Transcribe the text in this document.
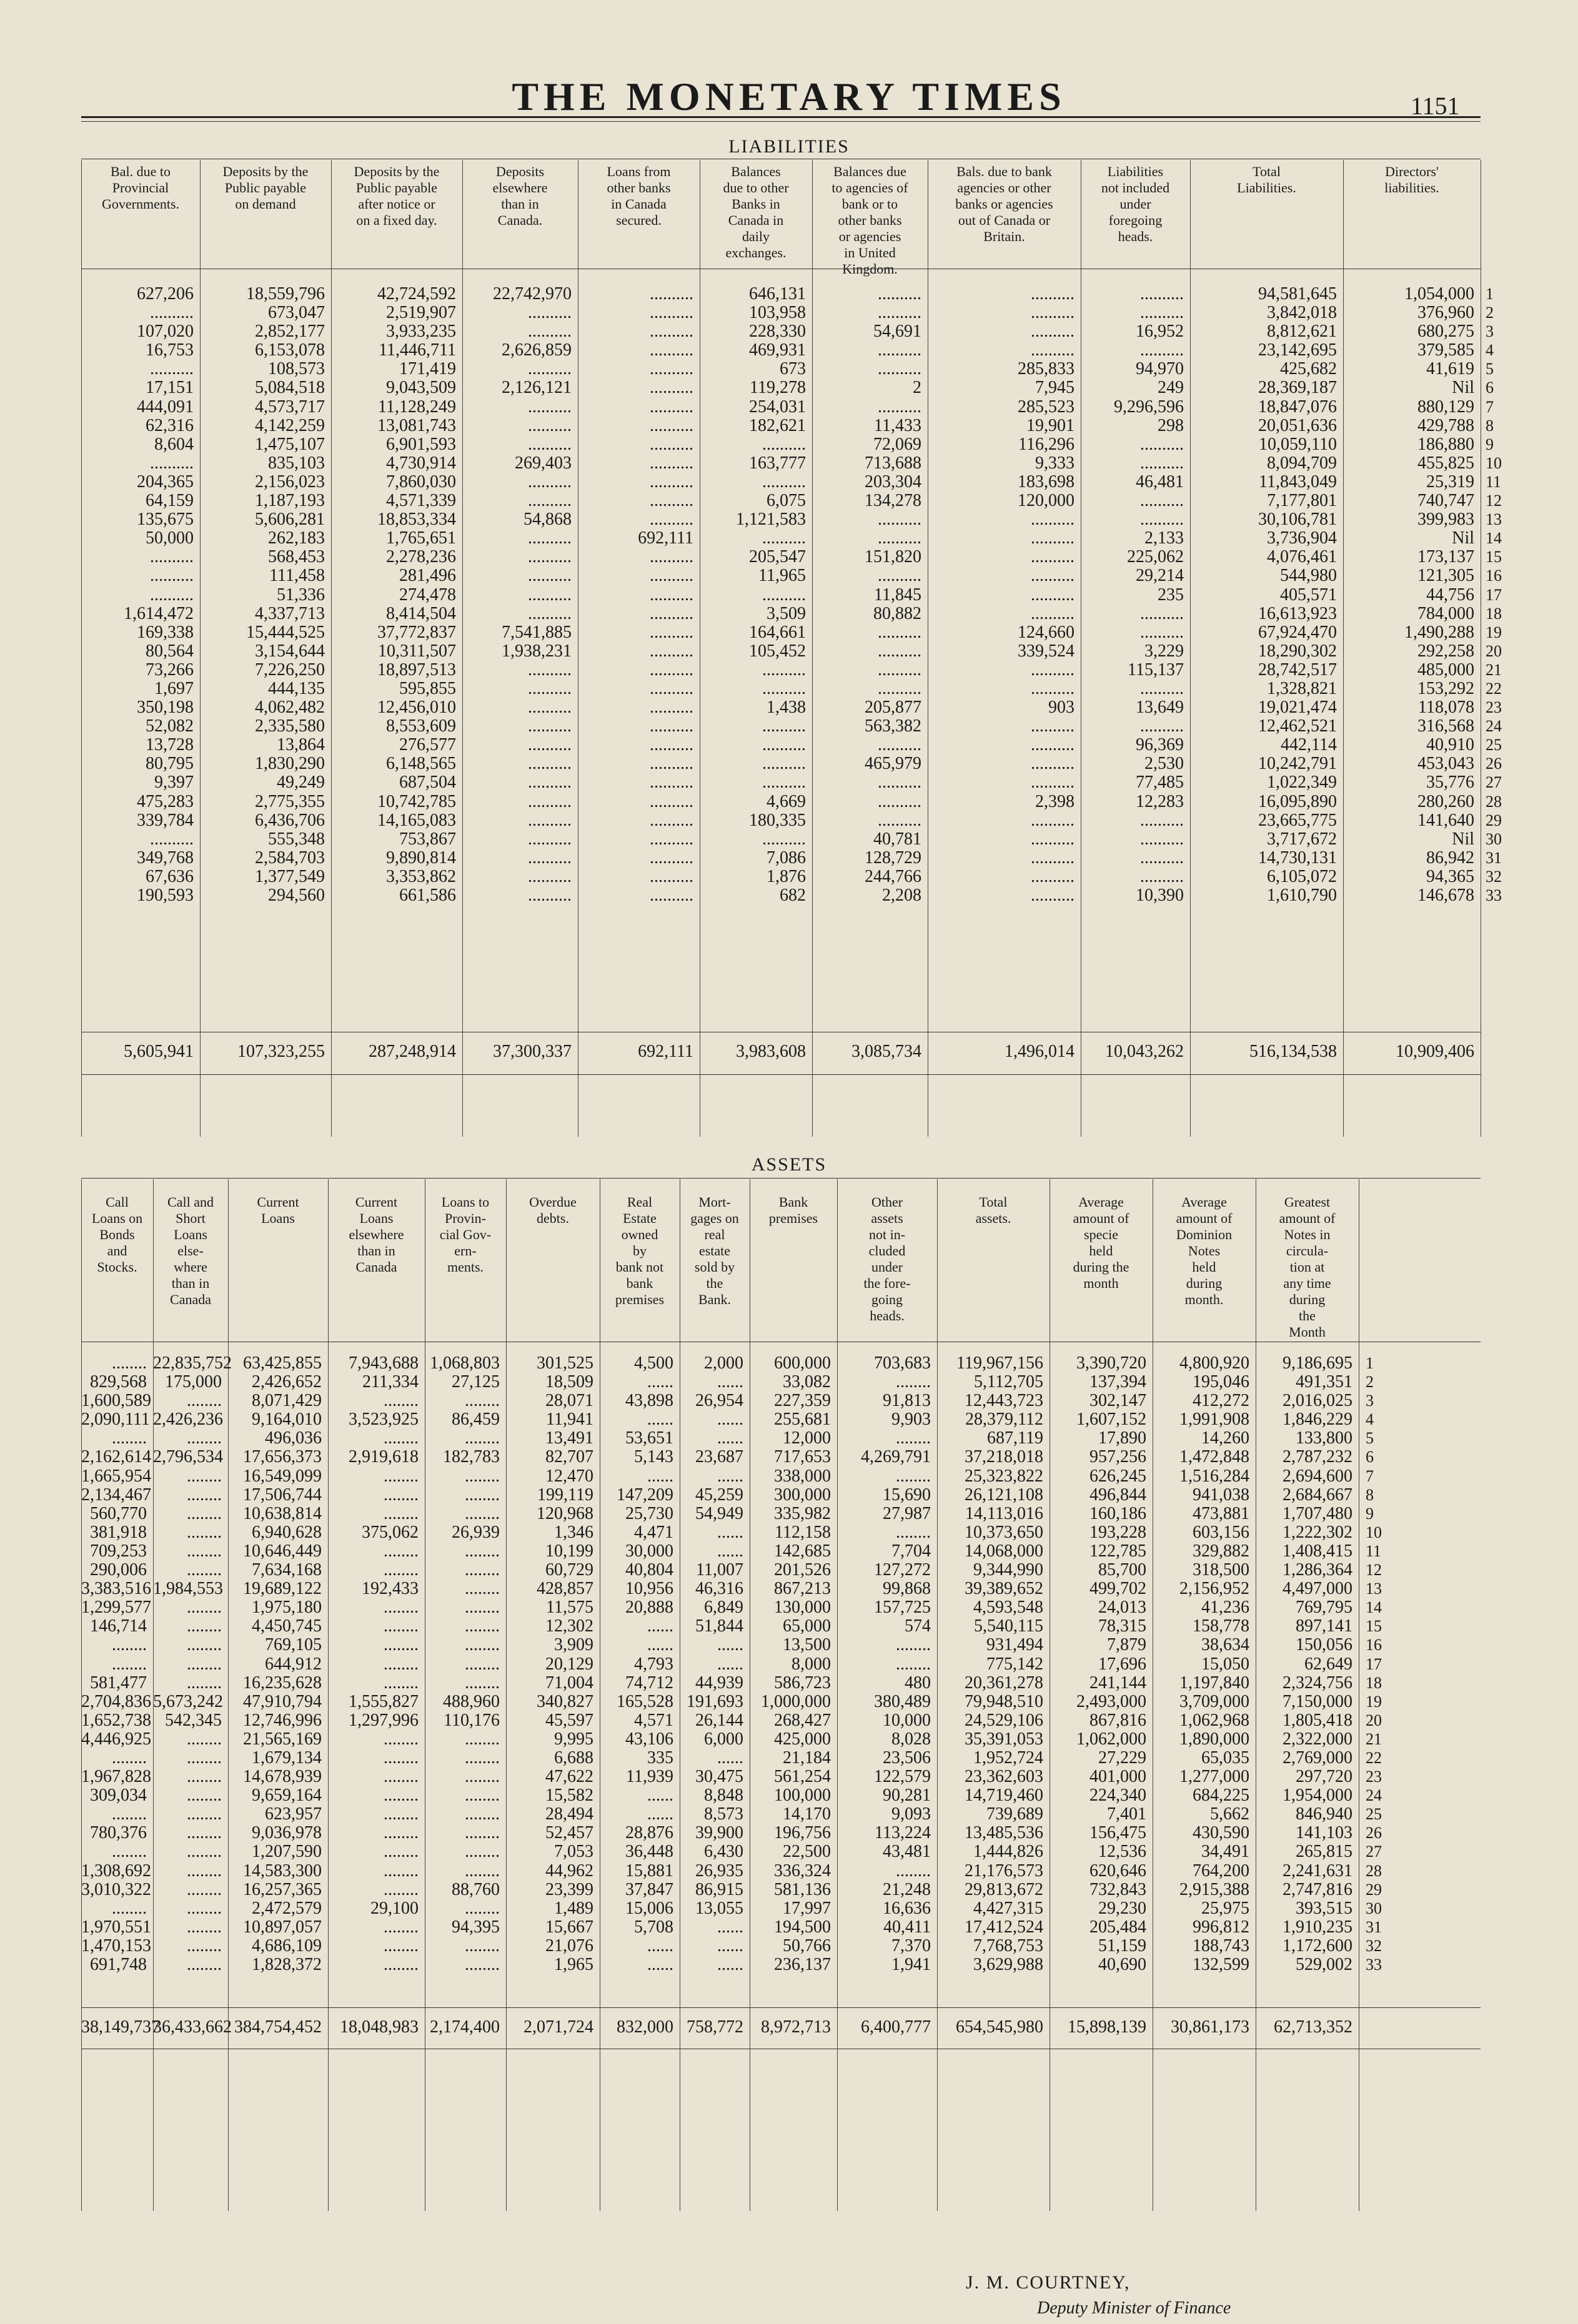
THE MONETARY TIMES	1151
LIABILITIES
ASSETS
J. M. COURTNEY,
Deputy Minister of Finance
Bal. due to
Provincial
Governments.
627,206
..........
107,020
16,753
..........
17,151
444,091
62,316
8,604
..........
204,365
64,159
135,675
50,000
..........
..........
..........
1,614,472
169,338
80,564
73,266
1,697
350,198
52,082
13,728
80,795
9,397
475,283
339,784
..........
349,768
67,636
190,593
5,605,941
Deposits by the
Public payable
on demand
18,559,796
673,047
2,852,177
6,153,078
108,573
5,084,518
4,573,717
4,142,259
1,475,107
835,103
2,156,023
1,187,193
5,606,281
262,183
568,453
111,458
51,336
4,337,713
15,444,525
3,154,644
7,226,250
444,135
4,062,482
2,335,580
13,864
1,830,290
49,249
2,775,355
6,436,706
555,348
2,584,703
1,377,549
294,560
107,323,255
Deposits by the
Public payable
after notice or
on a fixed day.
42,724,592
2,519,907
3,933,235
11,446,711
171,419
9,043,509
11,128,249
13,081,743
6,901,593
4,730,914
7,860,030
4,571,339
18,853,334
1,765,651
2,278,236
281,496
274,478
8,414,504
37,772,837
10,311,507
18,897,513
595,855
12,456,010
8,553,609
276,577
6,148,565
687,504
10,742,785
14,165,083
753,867
9,890,814
3,353,862
661,586
287,248,914
Deposits
elsewhere
than in
Canada.
22,742,970
..........
..........
2,626,859
..........
2,126,121
..........
..........
..........
269,403
..........
..........
54,868
..........
..........
..........
..........
..........
7,541,885
1,938,231
..........
..........
..........
..........
..........
..........
..........
..........
..........
..........
..........
..........
..........
37,300,337
Loans from
other banks
in Canada
secured.
..........
..........
..........
..........
..........
..........
..........
..........
..........
..........
..........
..........
..........
692,111
..........
..........
..........
..........
..........
..........
..........
..........
..........
..........
..........
..........
..........
..........
..........
..........
..........
..........
..........
692,111
Balances
due to other
Banks in
Canada in
daily
exchanges.
646,131
103,958
228,330
469,931
673
119,278
254,031
182,621
..........
163,777
..........
6,075
1,121,583
..........
205,547
11,965
..........
3,509
164,661
105,452
..........
..........
1,438
..........
..........
..........
..........
4,669
180,335
..........
7,086
1,876
682
3,983,608
Balances due
to agencies of
bank or to
other banks
or agencies
in United
Kingdom.
..........
..........
54,691
..........
..........
2
..........
11,433
72,069
713,688
203,304
134,278
..........
..........
151,820
..........
11,845
80,882
..........
..........
..........
..........
205,877
563,382
..........
465,979
..........
..........
..........
40,781
128,729
244,766
2,208
3,085,734
Bals. due to bank
agencies or other
banks or agencies
out of Canada or
Britain.
..........
..........
..........
..........
285,833
7,945
285,523
19,901
116,296
9,333
183,698
120,000
..........
..........
..........
..........
..........
..........
124,660
339,524
..........
..........
903
..........
..........
..........
..........
2,398
..........
..........
..........
..........
..........
1,496,014
Liabilities
not included
under
foregoing
heads.
..........
..........
16,952
..........
94,970
249
9,296,596
298
..........
..........
46,481
..........
..........
2,133
225,062
29,214
235
..........
..........
3,229
115,137
..........
13,649
..........
96,369
2,530
77,485
12,283
..........
..........
..........
..........
10,390
10,043,262
Total
Liabilities.
94,581,645
3,842,018
8,812,621
23,142,695
425,682
28,369,187
18,847,076
20,051,636
10,059,110
8,094,709
11,843,049
7,177,801
30,106,781
3,736,904
4,076,461
544,980
405,571
16,613,923
67,924,470
18,290,302
28,742,517
1,328,821
19,021,474
12,462,521
442,114
10,242,791
1,022,349
16,095,890
23,665,775
3,717,672
14,730,131
6,105,072
1,610,790
516,134,538
Directors'
liabilities.
1,054,000
376,960
680,275
379,585
41,619
Nil
880,129
429,788
186,880
455,825
25,319
740,747
399,983
Nil
173,137
121,305
44,756
784,000
1,490,288
292,258
485,000
153,292
118,078
316,568
40,910
453,043
35,776
280,260
141,640
Nil
86,942
94,365
146,678
10,909,406
1
2
3
4
5
6
7
8
9
10
11
12
13
14
15
16
17
18
19
20
21
22
23
24
25
26
27
28
29
30
31
32
33
Call
Loans on
Bonds
and
Stocks.
........
829,568
1,600,589
2,090,111
........
2,162,614
1,665,954
2,134,467
560,770
381,918
709,253
290,006
3,383,516
1,299,577
146,714
........
........
581,477
2,704,836
1,652,738
4,446,925
........
1,967,828
309,034
........
780,376
........
1,308,692
3,010,322
........
1,970,551
1,470,153
691,748
38,149,737
Call and
Short
Loans
else-
where
than in
Canada
22,835,752
175,000
........
2,426,236
........
2,796,534
........
........
........
........
........
........
1,984,553
........
........
........
........
........
5,673,242
542,345
........
........
........
........
........
........
........
........
........
........
........
........
........
36,433,662
Current
Loans
63,425,855
2,426,652
8,071,429
9,164,010
496,036
17,656,373
16,549,099
17,506,744
10,638,814
6,940,628
10,646,449
7,634,168
19,689,122
1,975,180
4,450,745
769,105
644,912
16,235,628
47,910,794
12,746,996
21,565,169
1,679,134
14,678,939
9,659,164
623,957
9,036,978
1,207,590
14,583,300
16,257,365
2,472,579
10,897,057
4,686,109
1,828,372
384,754,452
Current
Loans
elsewhere
than in
Canada
7,943,688
211,334
........
3,523,925
........
2,919,618
........
........
........
375,062
........
........
192,433
........
........
........
........
........
1,555,827
1,297,996
........
........
........
........
........
........
........
........
........
29,100
........
........
........
18,048,983
Loans to
Provin-
cial Gov-
ern-
ments.
1,068,803
27,125
........
86,459
........
182,783
........
........
........
26,939
........
........
........
........
........
........
........
........
488,960
110,176
........
........
........
........
........
........
........
........
88,760
........
94,395
........
........
2,174,400
Overdue
debts.
301,525
18,509
28,071
11,941
13,491
82,707
12,470
199,119
120,968
1,346
10,199
60,729
428,857
11,575
12,302
3,909
20,129
71,004
340,827
45,597
9,995
6,688
47,622
15,582
28,494
52,457
7,053
44,962
23,399
1,489
15,667
21,076
1,965
2,071,724
Real
Estate
owned
by
bank not
bank
premises
4,500
......
43,898
......
53,651
5,143
......
147,209
25,730
4,471
30,000
40,804
10,956
20,888
......
......
4,793
74,712
165,528
4,571
43,106
335
11,939
......
......
28,876
36,448
15,881
37,847
15,006
5,708
......
......
832,000
Mort-
gages on
real
estate
sold by
the
Bank.
2,000
......
26,954
......
......
23,687
......
45,259
54,949
......
......
11,007
46,316
6,849
51,844
......
......
44,939
191,693
26,144
6,000
......
30,475
8,848
8,573
39,900
6,430
26,935
86,915
13,055
......
......
......
758,772
Bank
premises
600,000
33,082
227,359
255,681
12,000
717,653
338,000
300,000
335,982
112,158
142,685
201,526
867,213
130,000
65,000
13,500
8,000
586,723
1,000,000
268,427
425,000
21,184
561,254
100,000
14,170
196,756
22,500
336,324
581,136
17,997
194,500
50,766
236,137
8,972,713
Other
assets
not in-
cluded
under
the fore-
going
heads.
703,683
........
91,813
9,903
........
4,269,791
........
15,690
27,987
........
7,704
127,272
99,868
157,725
574
........
........
480
380,489
10,000
8,028
23,506
122,579
90,281
9,093
113,224
43,481
........
21,248
16,636
40,411
7,370
1,941
6,400,777
Total
assets.
119,967,156
5,112,705
12,443,723
28,379,112
687,119
37,218,018
25,323,822
26,121,108
14,113,016
10,373,650
14,068,000
9,344,990
39,389,652
4,593,548
5,540,115
931,494
775,142
20,361,278
79,948,510
24,529,106
35,391,053
1,952,724
23,362,603
14,719,460
739,689
13,485,536
1,444,826
21,176,573
29,813,672
4,427,315
17,412,524
7,768,753
3,629,988
654,545,980
Average
amount of
specie
held
during the
month
3,390,720
137,394
302,147
1,607,152
17,890
957,256
626,245
496,844
160,186
193,228
122,785
85,700
499,702
24,013
78,315
7,879
17,696
241,144
2,493,000
867,816
1,062,000
27,229
401,000
224,340
7,401
156,475
12,536
620,646
732,843
29,230
205,484
51,159
40,690
15,898,139
Average
amount of
Dominion
Notes
held
during
month.
4,800,920
195,046
412,272
1,991,908
14,260
1,472,848
1,516,284
941,038
473,881
603,156
329,882
318,500
2,156,952
41,236
158,778
38,634
15,050
1,197,840
3,709,000
1,062,968
1,890,000
65,035
1,277,000
684,225
5,662
430,590
34,491
764,200
2,915,388
25,975
996,812
188,743
132,599
30,861,173
Greatest
amount of
Notes in
circula-
tion at
any time
during
the
Month
9,186,695
491,351
2,016,025
1,846,229
133,800
2,787,232
2,694,600
2,684,667
1,707,480
1,222,302
1,408,415
1,286,364
4,497,000
769,795
897,141
150,056
62,649
2,324,756
7,150,000
1,805,418
2,322,000
2,769,000
297,720
1,954,000
846,940
141,103
265,815
2,241,631
2,747,816
393,515
1,910,235
1,172,600
529,002
62,713,352
1
2
3
4
5
6
7
8
9
10
11
12
13
14
15
16
17
18
19
20
21
22
23
24
25
26
27
28
29
30
31
32
33
